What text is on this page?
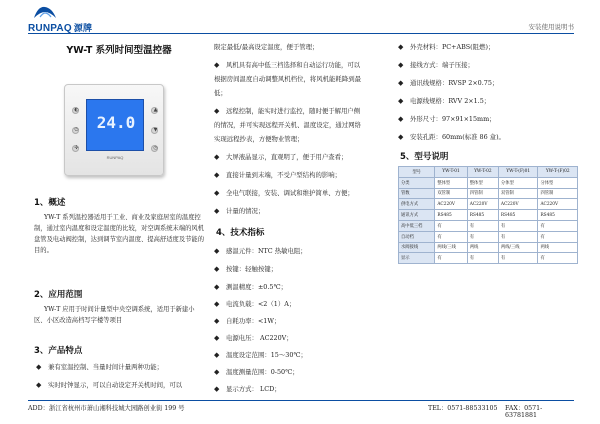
RUNPAQ 源牌	安装使用说明书
YW-T 系列时间型温控器
24.0
◐
⏻
✣
▲
▼
◷
RUNPAQ
1、概述

YW-T 系列温控器适用于工业、商业及家庭居室的温度控制，通过室内温度和设定温度的比较，对空调系统末端的风机盘管及电动阀控制，达到调节室内温度、提高舒适度及节能的目的。

2、应用范围

YW-T 应用于时间计量型中央空调系统，适用于新建小区、小区改造高档写字楼等项目

3、产品特点
◆ 兼有室温控制、当量时间计量两种功能；
◆ 实时时钟显示，可以自动设定开关机时间，可以
限定最低/最高设定温度，便于管理；
◆ 风机具有高中低三档选择和自动运行功能，可以
根据房间温度自动调整风机档位，将风机能耗降到最
低；
◆ 远程控制，能实时进行监控，随时便于解用户侧
的情况，并可实现远程开关机、温度设定，通过网络
实现远程抄表，方便物业管理；
◆ 大屏液晶显示，直观明了，便于用户查看；
◆ 直接计量到末端，不受户型结构的影响；
◆ 全电气联接，安装、调试和维护简单、方便；
◆ 计量的情况；
4、技术指标
◆ 感温元件：NTC 热敏电阻；
◆ 按键：轻触按键；
◆ 测温精度：±0.5℃；
◆ 电流负载：<2（1）A；
◆ 自耗功率：<1W；
◆ 电源电压： AC220V；
◆ 温度设定范围：15～30℃；
◆ 温度测量范围：0-50℃；
◆ 显示方式： LCD；
◆ 外壳材料：PC+ABS(阻燃)；
◆ 接线方式：端子压接；
◆ 通讯线规格：RVSP 2×0.75；
◆ 电源线规格：RVV 2×1.5；
◆ 外形尺寸：97×91×15mm；
◆ 安装孔距：60mm(标准 86 盒)。
5、型号说明
型号	YW-T-01	YW-T-02	YW-T-(F)01	YW-T-(F)02
分类	整体型	整体型	分体型	分体型
管数	双管制	四管制	双管制	四管制
供电方式	AC220V	AC220V	AC220V	AC220V
通讯方式	RS485	RS485	RS485	RS485
高中低三档	有	有	有	有
自动档	有	有	有	有
水阀接线	两线/三线	两线	两线/三线	两线
显示	有	有	有	有
ADD：浙江省杭州市萧山湘科技城大园路创业街 199 号	TEL：0571-88533105 FAX：0571-63781881
